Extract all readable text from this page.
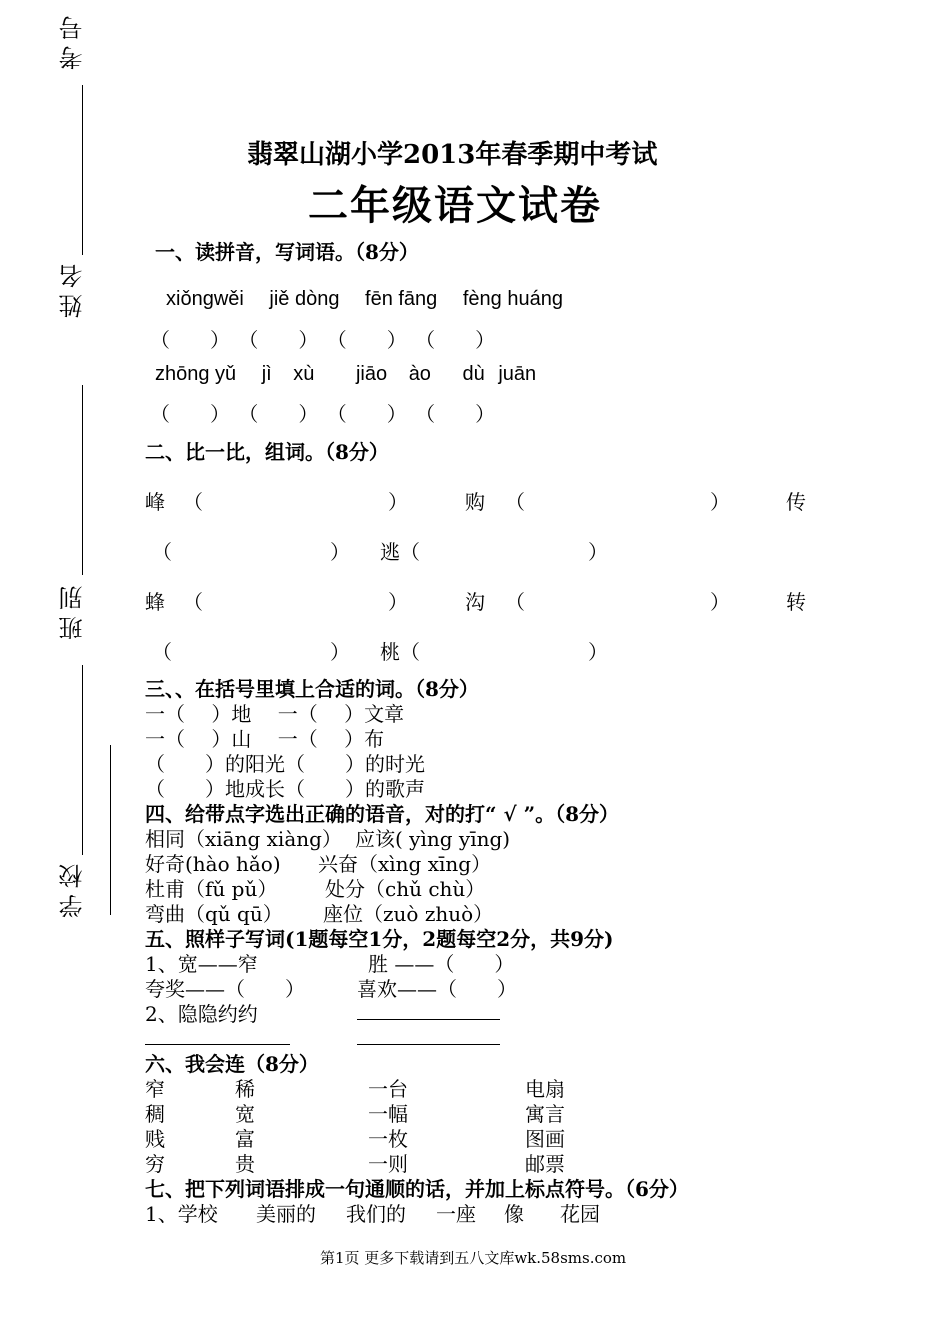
考号
姓名
班别
学校
翡翠山湖小学2013年春季期中考试
二年级语文试卷
一、读拼音，写词语。（8分）
xiǒngwěi jiě dòng fēn fāng fèng huáng
（　　） （　　） （　　） （　　）
zhōng yǔ jì xù jiāo ào dù juān
（　　） （　　） （　　） （　　）
二、比一比，组词。（8分）
峰 （	）	购 （	）	传
（	） 逃（	）
蜂 （	）	沟 （	）	转
（	） 桃（	）
三、、在括号里填上合适的词。（8分）
一（　 ）地　 一（　 ）文章
一（　 ）山　 一（　 ）布
（　　）的阳光（　　）的时光
（　　）地成长（　　）的歌声
四、给带点字选出正确的语音，对的打“ √ ”。（8分）
相同（xiāng xiàng） 应该( yìng yīng)
好奇(hào hǎo) 兴奋（xìng xīng）
杜甫（fǔ pǔ） 处分（chǔ chù）
弯曲（qǔ qū） 座位（zuò zhuò）
五、照样子写词(1题每空1分，2题每空2分，共9分)
1、宽——窄	胜 ——（　　）
夸奖——（　　）	喜欢——（　　）
2、隐隐约约
六、我会连（8分）
窄	稀	一台	电扇
稠	宽	一幅	寓言
贱	富	一枚	图画
穷	贵	一则	邮票
七、把下列词语排成一句通顺的话，并加上标点符号。（6分）
1、学校 美丽的 我们的 一座 像 花园
第1页 更多下载请到五八文库wk.58sms.com
